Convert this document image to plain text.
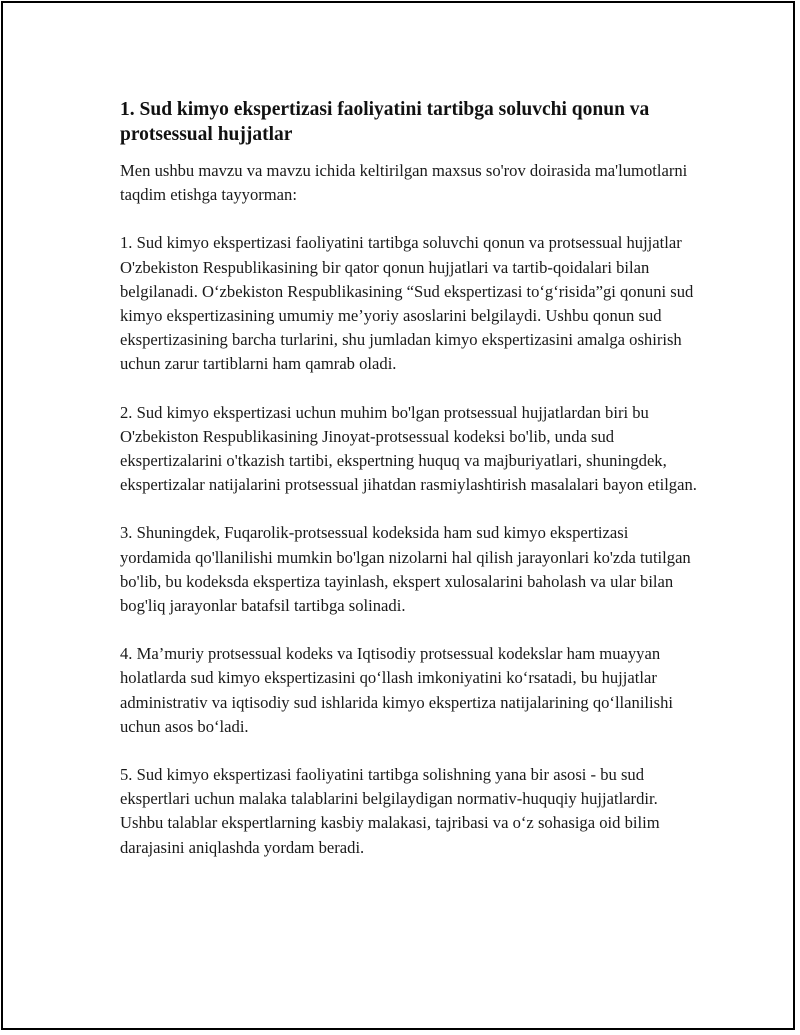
1. Sud kimyo ekspertizasi faoliyatini tartibga soluvchi qonun va protsessual hujjatlar

Men ushbu mavzu va mavzu ichida keltirilgan maxsus so'rov doirasida ma'lumotlarni taqdim etishga tayyorman:

1. Sud kimyo ekspertizasi faoliyatini tartibga soluvchi qonun va protsessual hujjatlar O'zbekiston Respublikasining bir qator qonun hujjatlari va tartib-qoidalari bilan belgilanadi. O‘zbekiston Respublikasining “Sud ekspertizasi to‘g‘risida”gi qonuni sud kimyo ekspertizasining umumiy me’yoriy asoslarini belgilaydi. Ushbu qonun sud ekspertizasining barcha turlarini, shu jumladan kimyo ekspertizasini amalga oshirish uchun zarur tartiblarni ham qamrab oladi.

2. Sud kimyo ekspertizasi uchun muhim bo'lgan protsessual hujjatlardan biri bu O'zbekiston Respublikasining Jinoyat-protsessual kodeksi bo'lib, unda sud ekspertizalarini o'tkazish tartibi, ekspertning huquq va majburiyatlari, shuningdek, ekspertizalar natijalarini protsessual jihatdan rasmiylashtirish masalalari bayon etilgan.

3. Shuningdek, Fuqarolik-protsessual kodeksida ham sud kimyo ekspertizasi yordamida qo'llanilishi mumkin bo'lgan nizolarni hal qilish jarayonlari ko'zda tutilgan bo'lib, bu kodeksda ekspertiza tayinlash, ekspert xulosalarini baholash va ular bilan bog'liq jarayonlar batafsil tartibga solinadi.

4. Ma’muriy protsessual kodeks va Iqtisodiy protsessual kodekslar ham muayyan holatlarda sud kimyo ekspertizasini qo‘llash imkoniyatini ko‘rsatadi, bu hujjatlar administrativ va iqtisodiy sud ishlarida kimyo ekspertiza natijalarining qo‘llanilishi uchun asos bo‘ladi.

5. Sud kimyo ekspertizasi faoliyatini tartibga solishning yana bir asosi - bu sud ekspertlari uchun malaka talablarini belgilaydigan normativ-huquqiy hujjatlardir. Ushbu talablar ekspertlarning kasbiy malakasi, tajribasi va o‘z sohasiga oid bilim darajasini aniqlashda yordam beradi.
